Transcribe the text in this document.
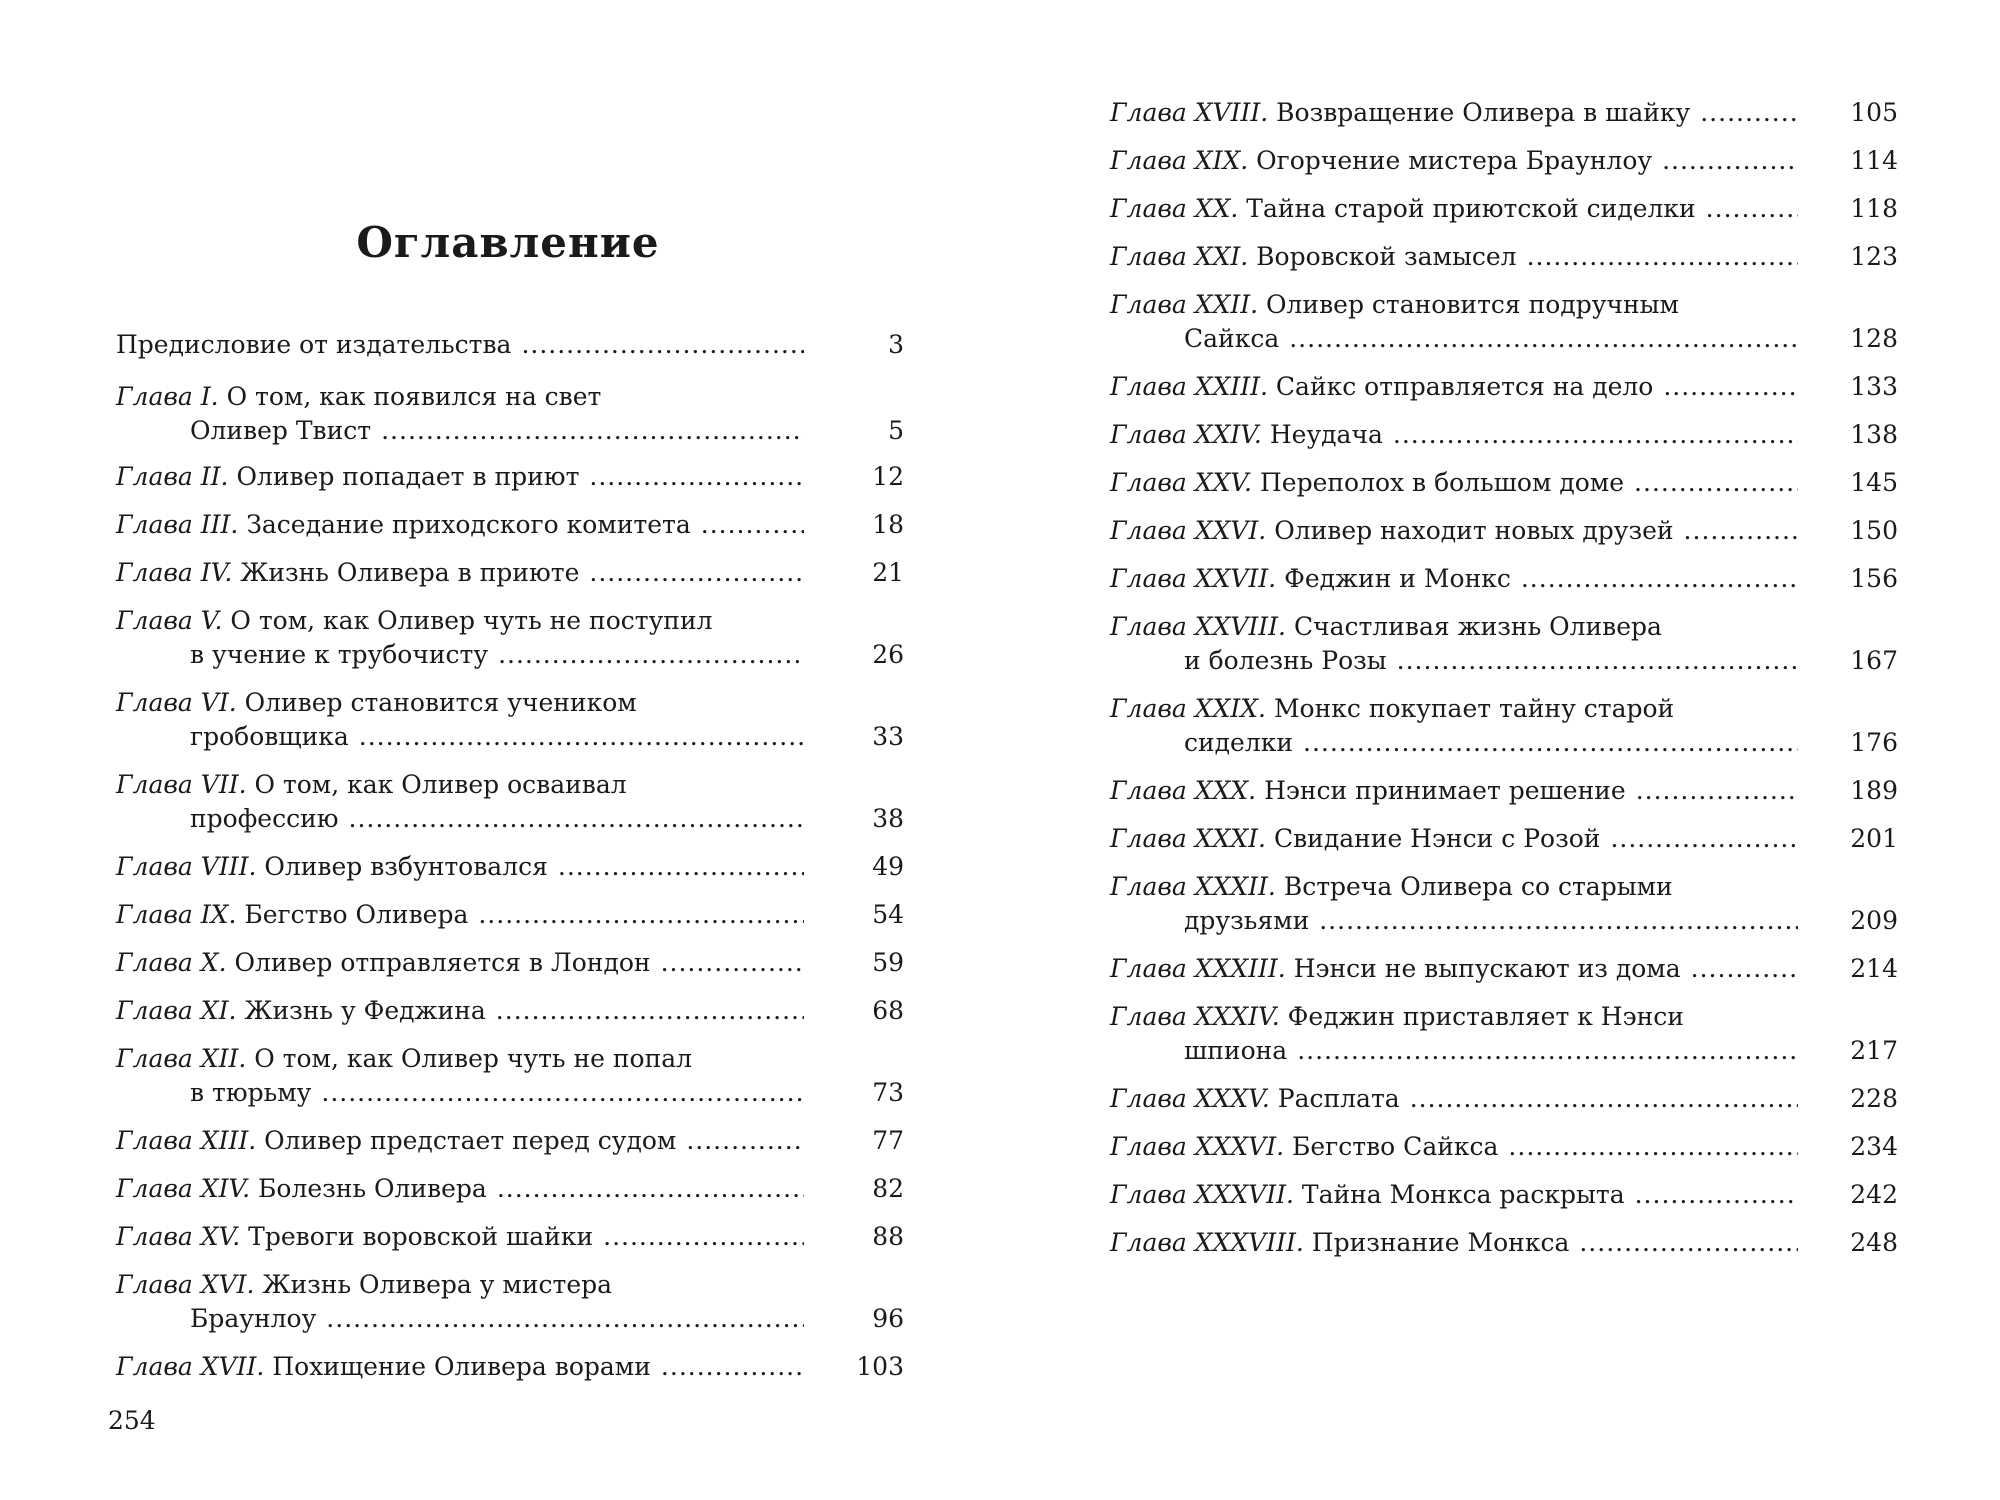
Оглавление
Предисловие от издательства .....	3
Глава I. О том, как появился на свет
Оливер Твист .....	5
Глава II. Оливер попадает в приют .....	12
Глава III. Заседание приходского комитета .....	18
Глава IV. Жизнь Оливера в приюте .....	21
Глава V. О том, как Оливер чуть не поступил
в учение к трубочисту .....	26
Глава VI. Оливер становится учеником
гробовщика .....	33
Глава VII. О том, как Оливер осваивал
профессию .....	38
Глава VIII. Оливер взбунтовался .....	49
Глава IX. Бегство Оливера .....	54
Глава X. Оливер отправляется в Лондон .....	59
Глава XI. Жизнь у Феджина .....	68
Глава XII. О том, как Оливер чуть не попал
в тюрьму .....	73
Глава XIII. Оливер предстает перед судом .....	77
Глава XIV. Болезнь Оливера .....	82
Глава XV. Тревоги воровской шайки .....	88
Глава XVI. Жизнь Оливера у мистера
Браунлоу .....	96
Глава XVII. Похищение Оливера ворами .....	103
254
Глава XVIII. Возвращение Оливера в шайку .....	105
Глава XIX. Огорчение мистера Браунлоу .....	114
Глава XX. Тайна старой приютской сиделки .....	118
Глава XXI. Воровской замысел .....	123
Глава XXII. Оливер становится подручным
Сайкса .....	128
Глава XXIII. Сайкс отправляется на дело .....	133
Глава XXIV. Неудача .....	138
Глава XXV. Переполох в большом доме .....	145
Глава XXVI. Оливер находит новых друзей .....	150
Глава XXVII. Феджин и Монкс .....	156
Глава XXVIII. Счастливая жизнь Оливера
и болезнь Розы .....	167
Глава XXIX. Монкс покупает тайну старой
сиделки .....	176
Глава XXX. Нэнси принимает решение .....	189
Глава XXXI. Свидание Нэнси с Розой .....	201
Глава XXXII. Встреча Оливера со старыми
друзьями .....	209
Глава XXXIII. Нэнси не выпускают из дома .....	214
Глава XXXIV. Феджин приставляет к Нэнси
шпиона .....	217
Глава XXXV. Расплата .....	228
Глава XXXVI. Бегство Сайкса .....	234
Глава XXXVII. Тайна Монкса раскрыта .....	242
Глава XXXVIII. Признание Монкса .....	248
